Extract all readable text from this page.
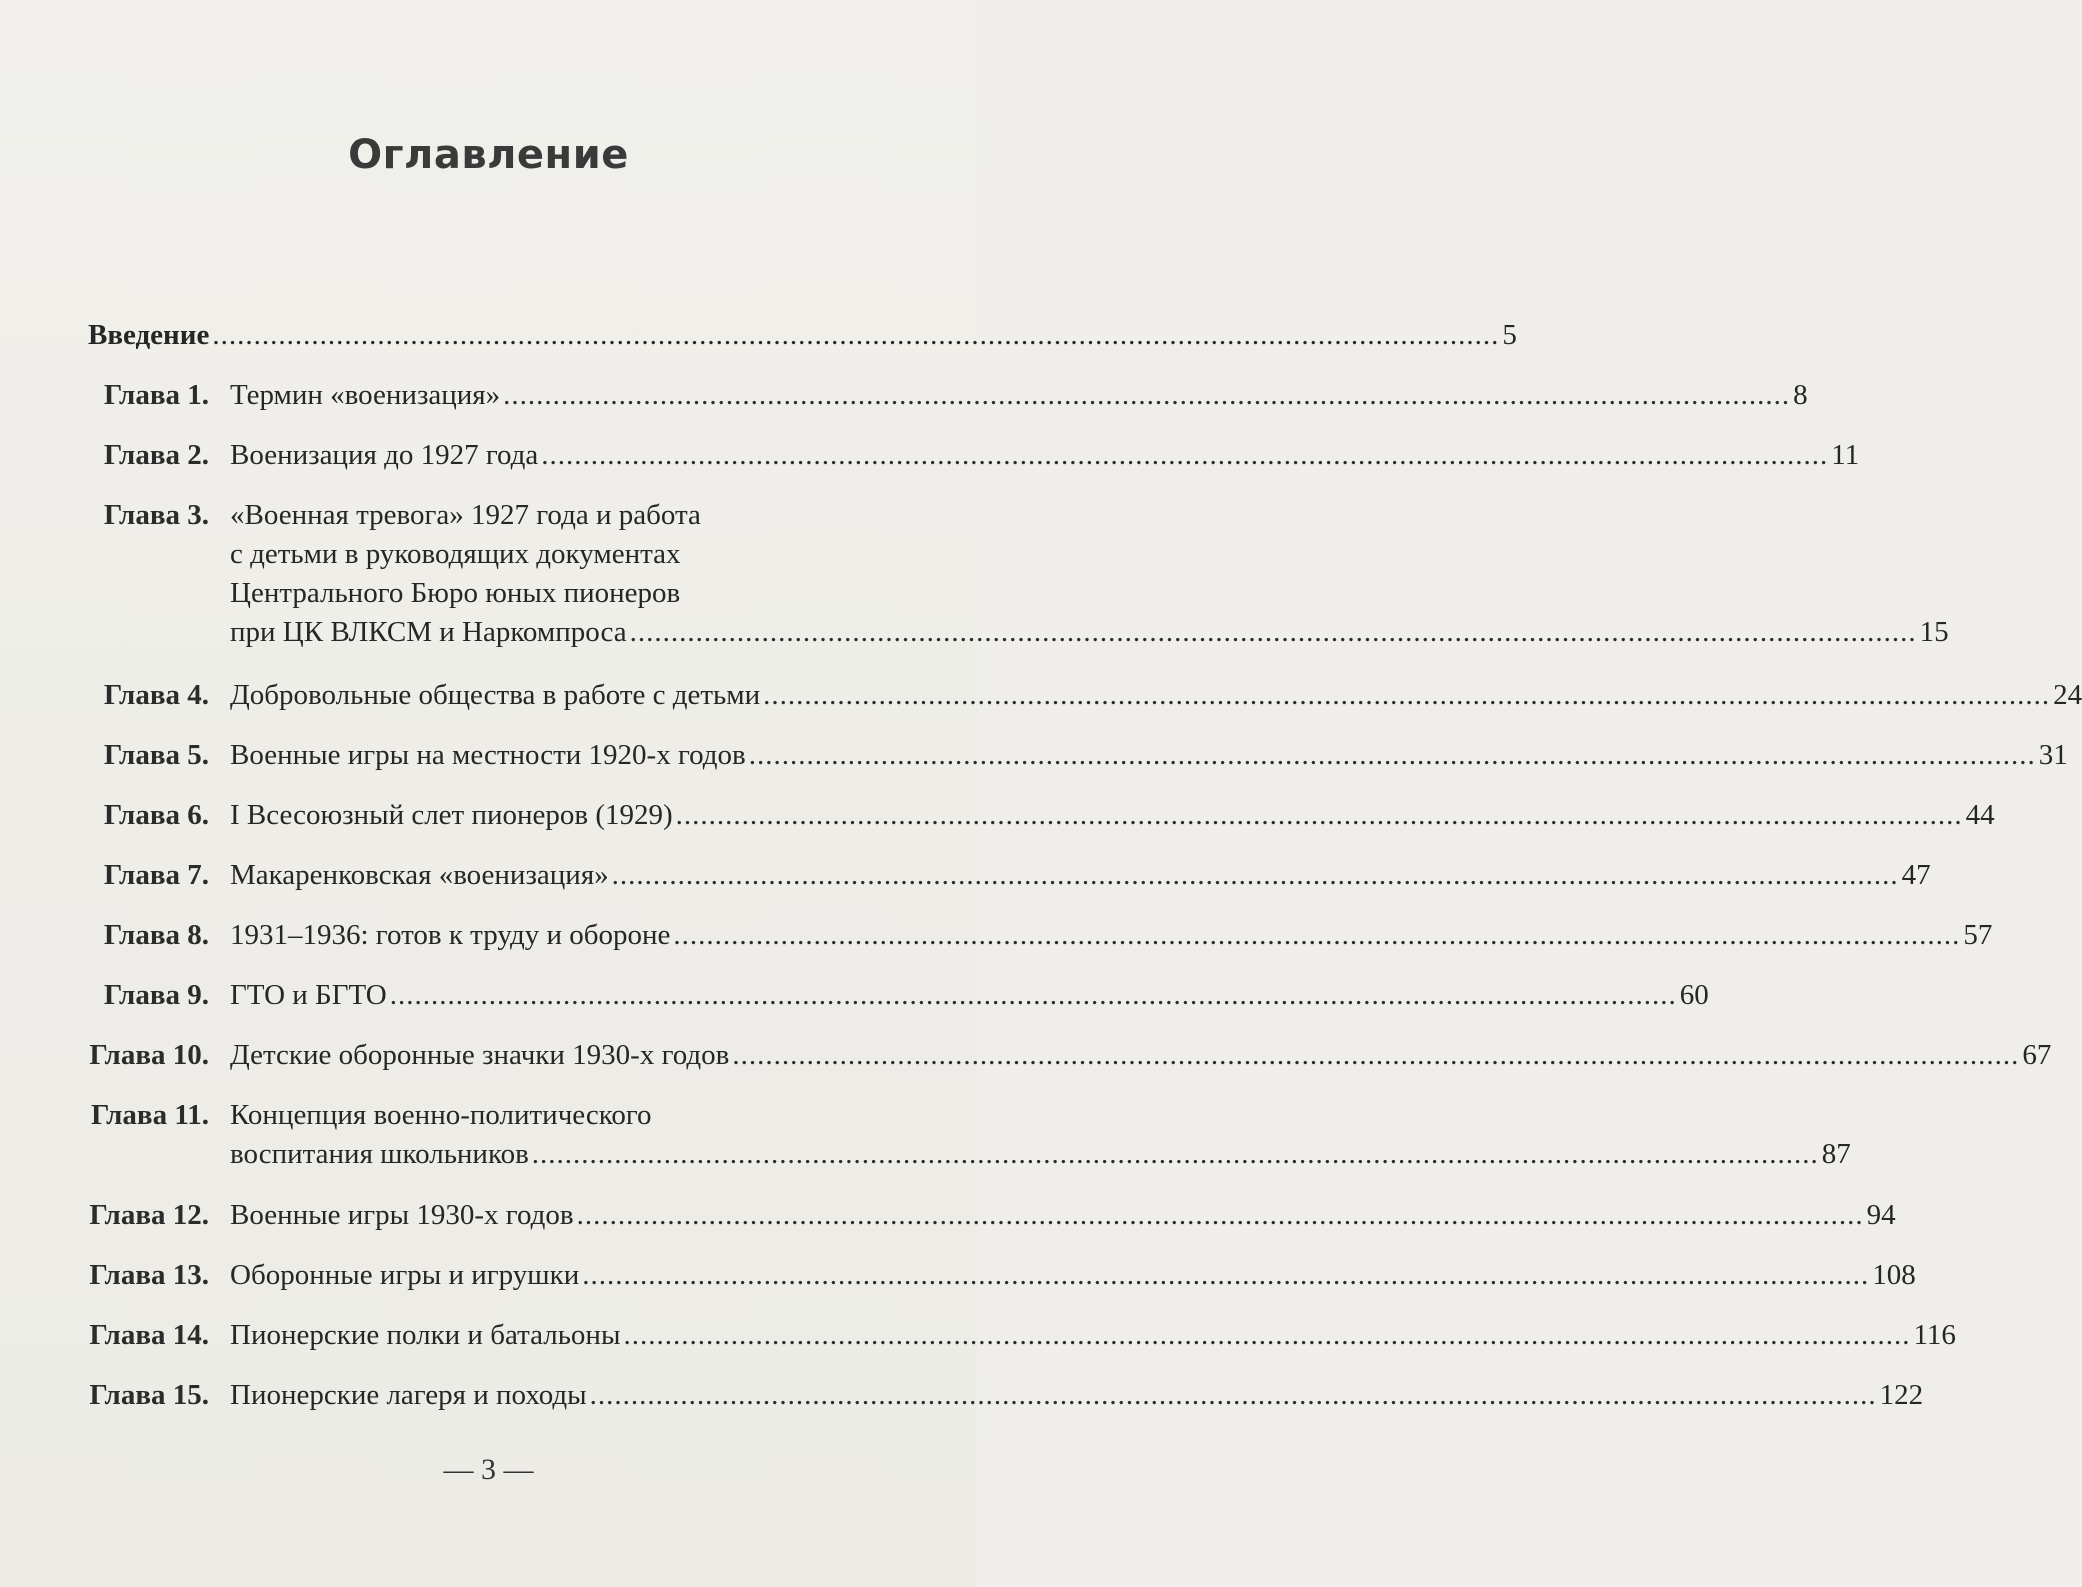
Оглавление
Введение ............................................................................................................................................................ 5
Глава 1. Термин «военизация» ............................................................................................................................................................ 8
Глава 2. Военизация до 1927 года ............................................................................................................................................................ 11
Глава 3. «Военная тревога» 1927 года и работа
с детьми в руководящих документах
Центрального Бюро юных пионеров
при ЦК ВЛКСМ и Наркомпроса ............................................................................................................................................................ 15
Глава 4. Добровольные общества в работе с детьми ............................................................................................................................................................ 24
Глава 5. Военные игры на местности 1920-х годов ............................................................................................................................................................ 31
Глава 6. I Всесоюзный слет пионеров (1929) ............................................................................................................................................................ 44
Глава 7. Макаренковская «военизация» ............................................................................................................................................................ 47
Глава 8. 1931–1936: готов к труду и обороне ............................................................................................................................................................ 57
Глава 9. ГТО и БГТО ............................................................................................................................................................ 60
Глава 10. Детские оборонные значки 1930-х годов ............................................................................................................................................................ 67
Глава 11. Концепция военно-политического
воспитания школьников ............................................................................................................................................................ 87
Глава 12. Военные игры 1930-х годов ............................................................................................................................................................ 94
Глава 13. Оборонные игры и игрушки ............................................................................................................................................................ 108
Глава 14. Пионерские полки и батальоны ............................................................................................................................................................ 116
Глава 15. Пионерские лагеря и походы ............................................................................................................................................................ 122
— 3 —
